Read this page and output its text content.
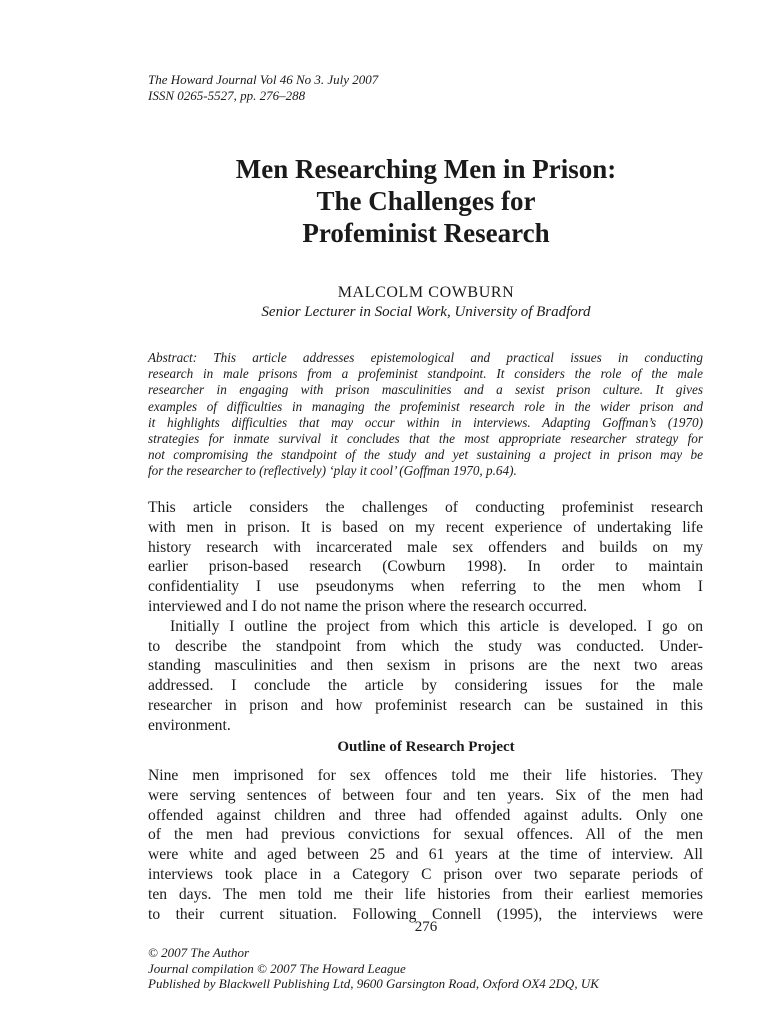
The Howard Journal Vol 46 No 3. July 2007
ISSN 0265-5527, pp. 276–288
Men Researching Men in Prison:
The Challenges for
Profeminist Research
MALCOLM COWBURN
Senior Lecturer in Social Work, University of Bradford
Abstract: This article addresses epistemological and practical issues in conducting
research in male prisons from a profeminist standpoint. It considers the role of the male
researcher in engaging with prison masculinities and a sexist prison culture. It gives
examples of difficulties in managing the profeminist research role in the wider prison and
it highlights difficulties that may occur within in interviews. Adapting Goffman’s (1970)
strategies for inmate survival it concludes that the most appropriate researcher strategy for
not compromising the standpoint of the study and yet sustaining a project in prison may be
for the researcher to (reflectively) ‘play it cool’ (Goffman 1970, p.64).
This article considers the challenges of conducting profeminist research
with men in prison. It is based on my recent experience of undertaking life
history research with incarcerated male sex offenders and builds on my
earlier prison-based research (Cowburn 1998). In order to maintain
confidentiality I use pseudonyms when referring to the men whom I
interviewed and I do not name the prison where the research occurred.
Initially I outline the project from which this article is developed. I go on
to describe the standpoint from which the study was conducted. Under-
standing masculinities and then sexism in prisons are the next two areas
addressed. I conclude the article by considering issues for the male
researcher in prison and how profeminist research can be sustained in this
environment.
Outline of Research Project
Nine men imprisoned for sex offences told me their life histories. They
were serving sentences of between four and ten years. Six of the men had
offended against children and three had offended against adults. Only one
of the men had previous convictions for sexual offences. All of the men
were white and aged between 25 and 61 years at the time of interview. All
interviews took place in a Category C prison over two separate periods of
ten days. The men told me their life histories from their earliest memories
to their current situation. Following Connell (1995), the interviews were
276
© 2007 The Author
Journal compilation © 2007 The Howard League
Published by Blackwell Publishing Ltd, 9600 Garsington Road, Oxford OX4 2DQ, UK
